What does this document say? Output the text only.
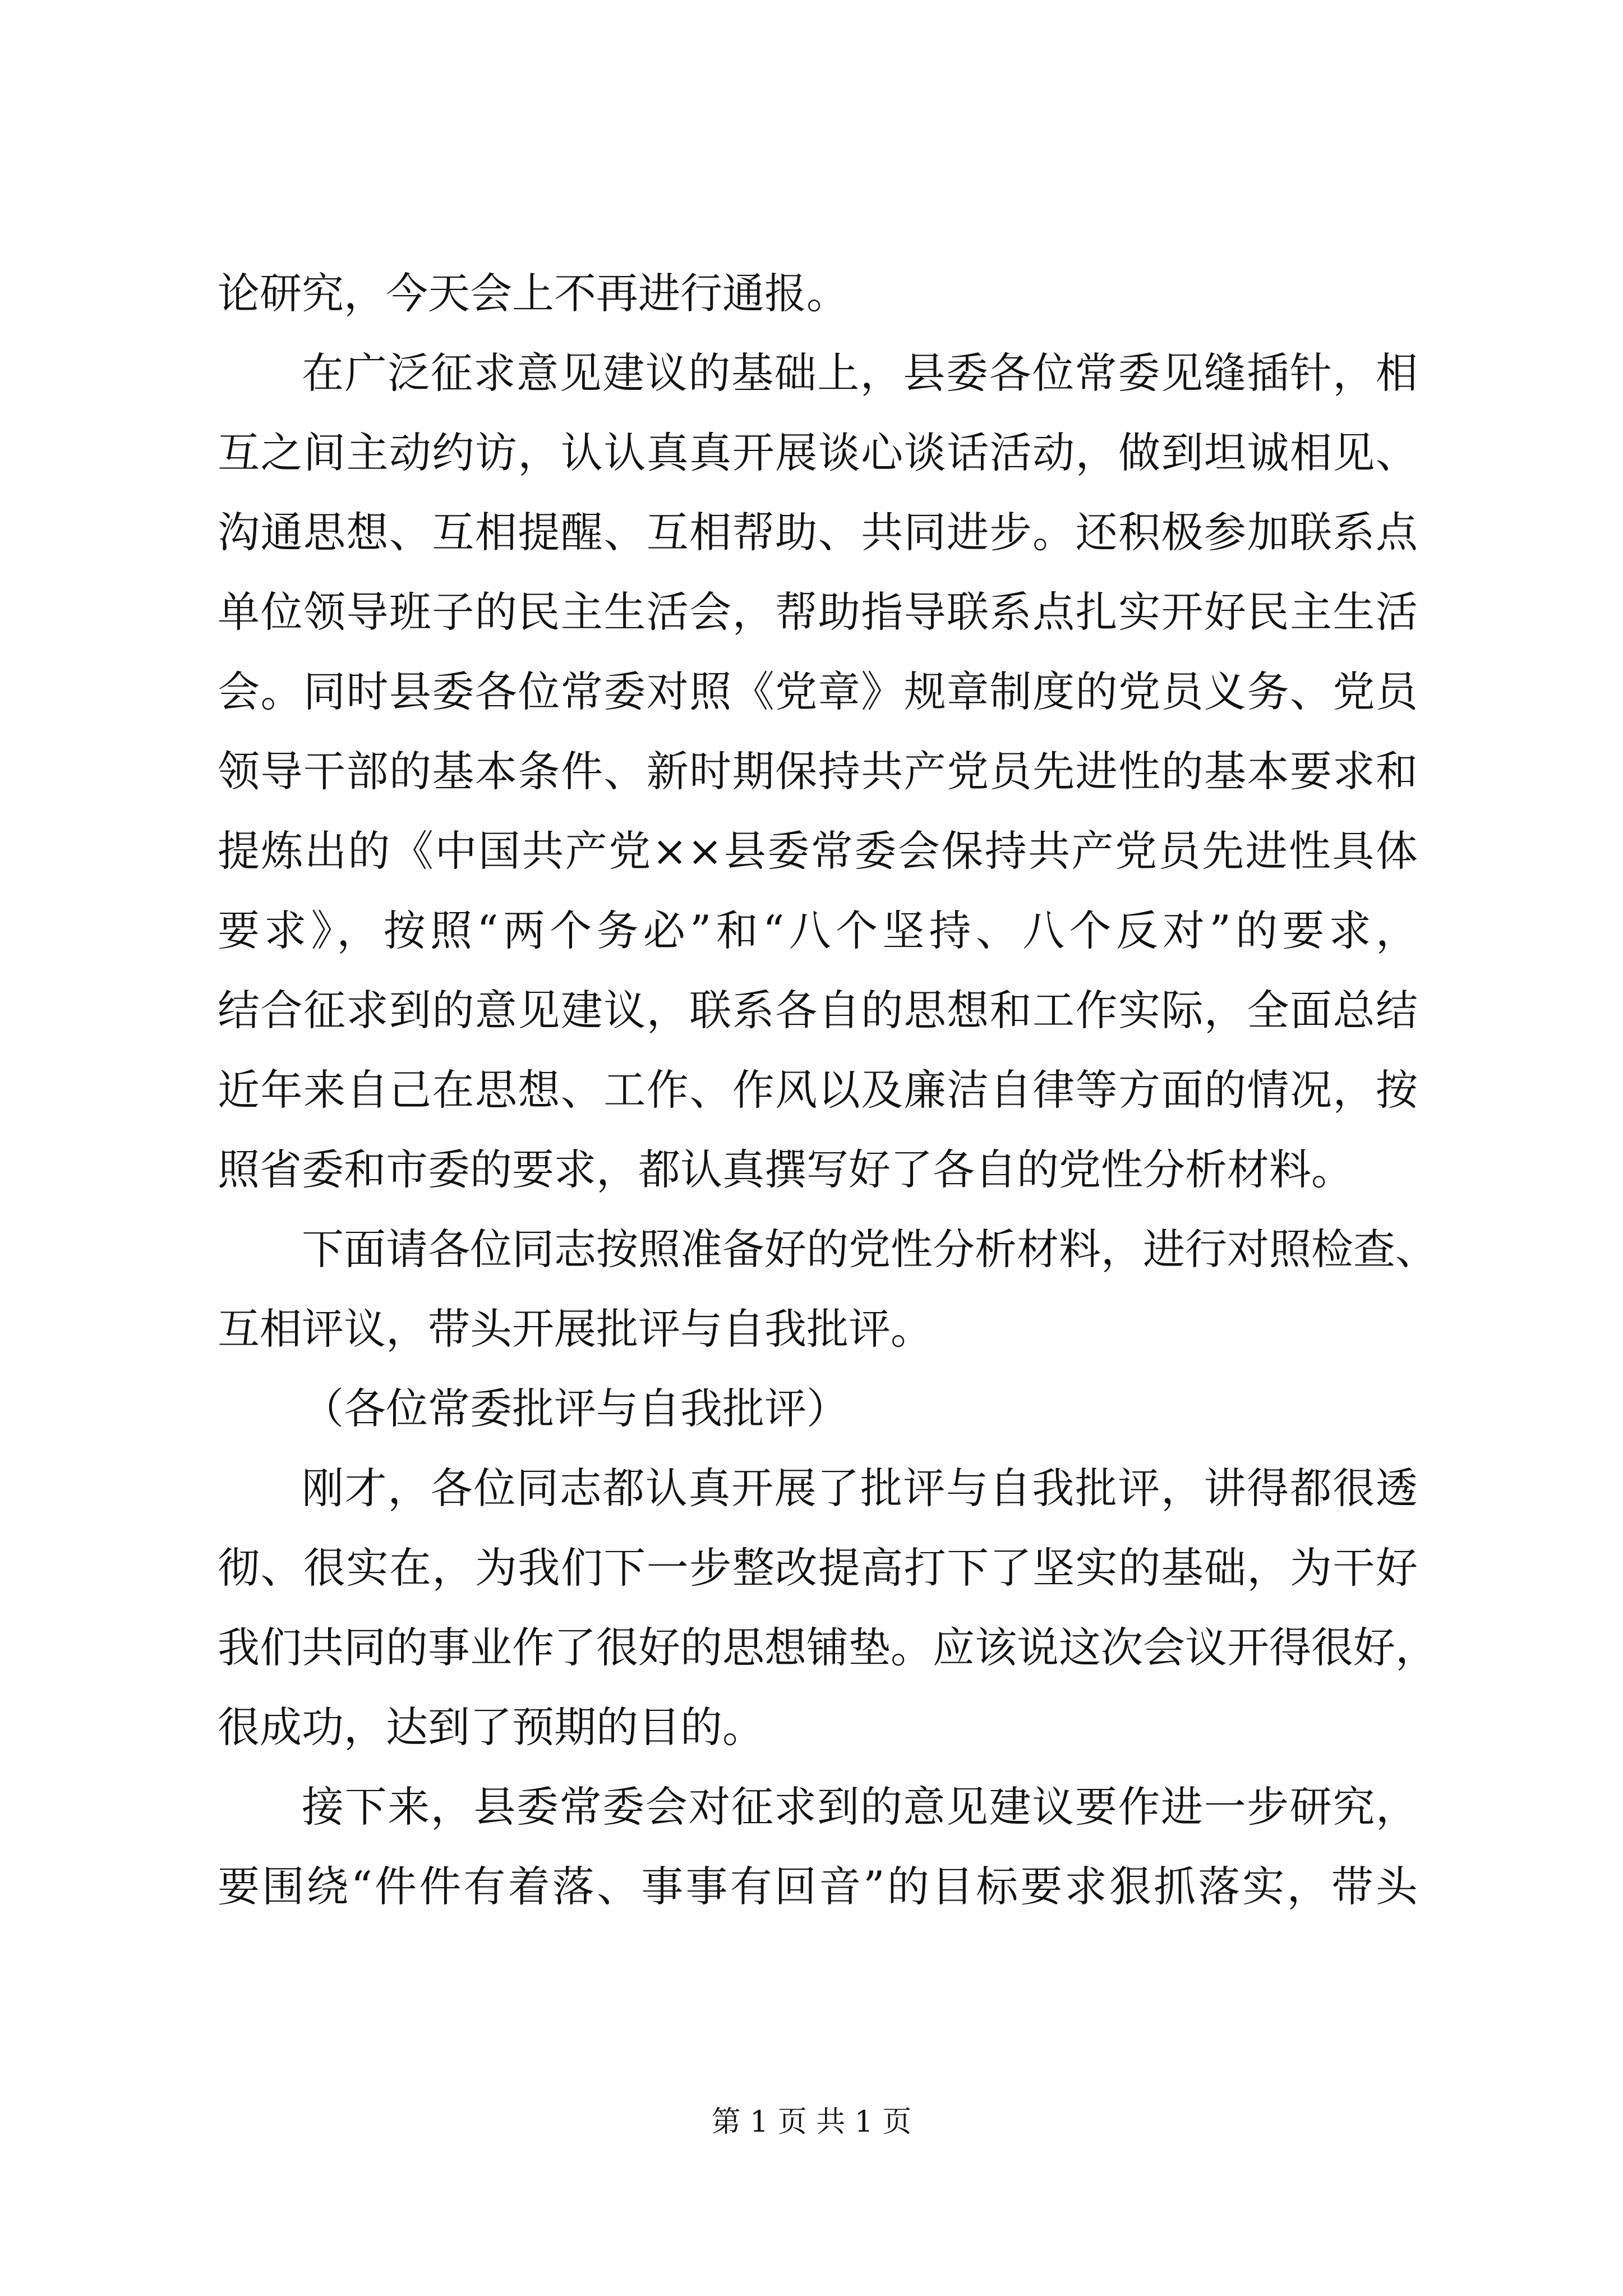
论研究，今天会上不再进行通报。
在广泛征求意见建议的基础上，县委各位常委见缝插针，相
互之间主动约访，认认真真开展谈心谈话活动，做到坦诚相见、
沟通思想、互相提醒、互相帮助、共同进步。还积极参加联系点
单位领导班子的民主生活会，帮助指导联系点扎实开好民主生活
会。同时县委各位常委对照《党章》规章制度的党员义务、党员
领导干部的基本条件、新时期保持共产党员先进性的基本要求和
提炼出的《中国共产党××县委常委会保持共产党员先进性具体
要求》，按照“两个务必”和“八个坚持、八个反对”的要求，
结合征求到的意见建议，联系各自的思想和工作实际，全面总结
近年来自己在思想、工作、作风以及廉洁自律等方面的情况，按
照省委和市委的要求，都认真撰写好了各自的党性分析材料。
下面请各位同志按照准备好的党性分析材料，进行对照检查、
互相评议，带头开展批评与自我批评。
（各位常委批评与自我批评）
刚才，各位同志都认真开展了批评与自我批评，讲得都很透
彻、很实在，为我们下一步整改提高打下了坚实的基础，为干好
我们共同的事业作了很好的思想铺垫。应该说这次会议开得很好，
很成功，达到了预期的目的。
接下来，县委常委会对征求到的意见建议要作进一步研究，
要围绕“件件有着落、事事有回音”的目标要求狠抓落实，带头
第 1 页 共 1 页
